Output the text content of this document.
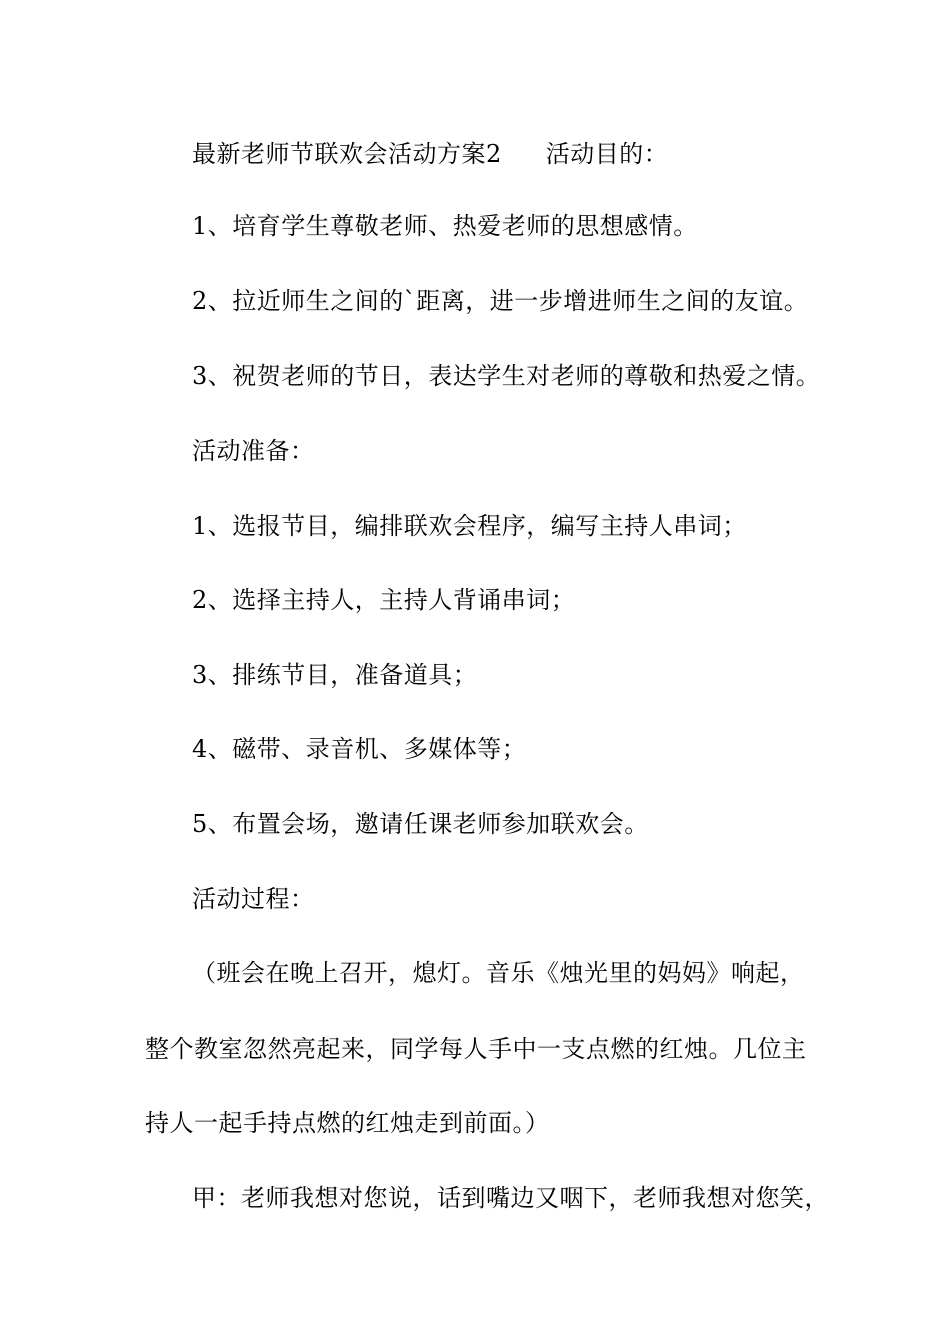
最新老师节联欢会活动方案2 活动目的：
1、培育学生尊敬老师、热爱老师的思想感情。
2、拉近师生之间的`距离，进一步增进师生之间的友谊。
3、祝贺老师的节日，表达学生对老师的尊敬和热爱之情。
活动准备：
1、选报节目，编排联欢会程序，编写主持人串词；
2、选择主持人，主持人背诵串词；
3、排练节目，准备道具；
4、磁带、录音机、多媒体等；
5、布置会场，邀请任课老师参加联欢会。
活动过程：
（班会在晚上召开，熄灯。音乐《烛光里的妈妈》响起，
整个教室忽然亮起来，同学每人手中一支点燃的红烛。几位主
持人一起手持点燃的红烛走到前面。）
甲：老师我想对您说，话到嘴边又咽下，老师我想对您笑，
